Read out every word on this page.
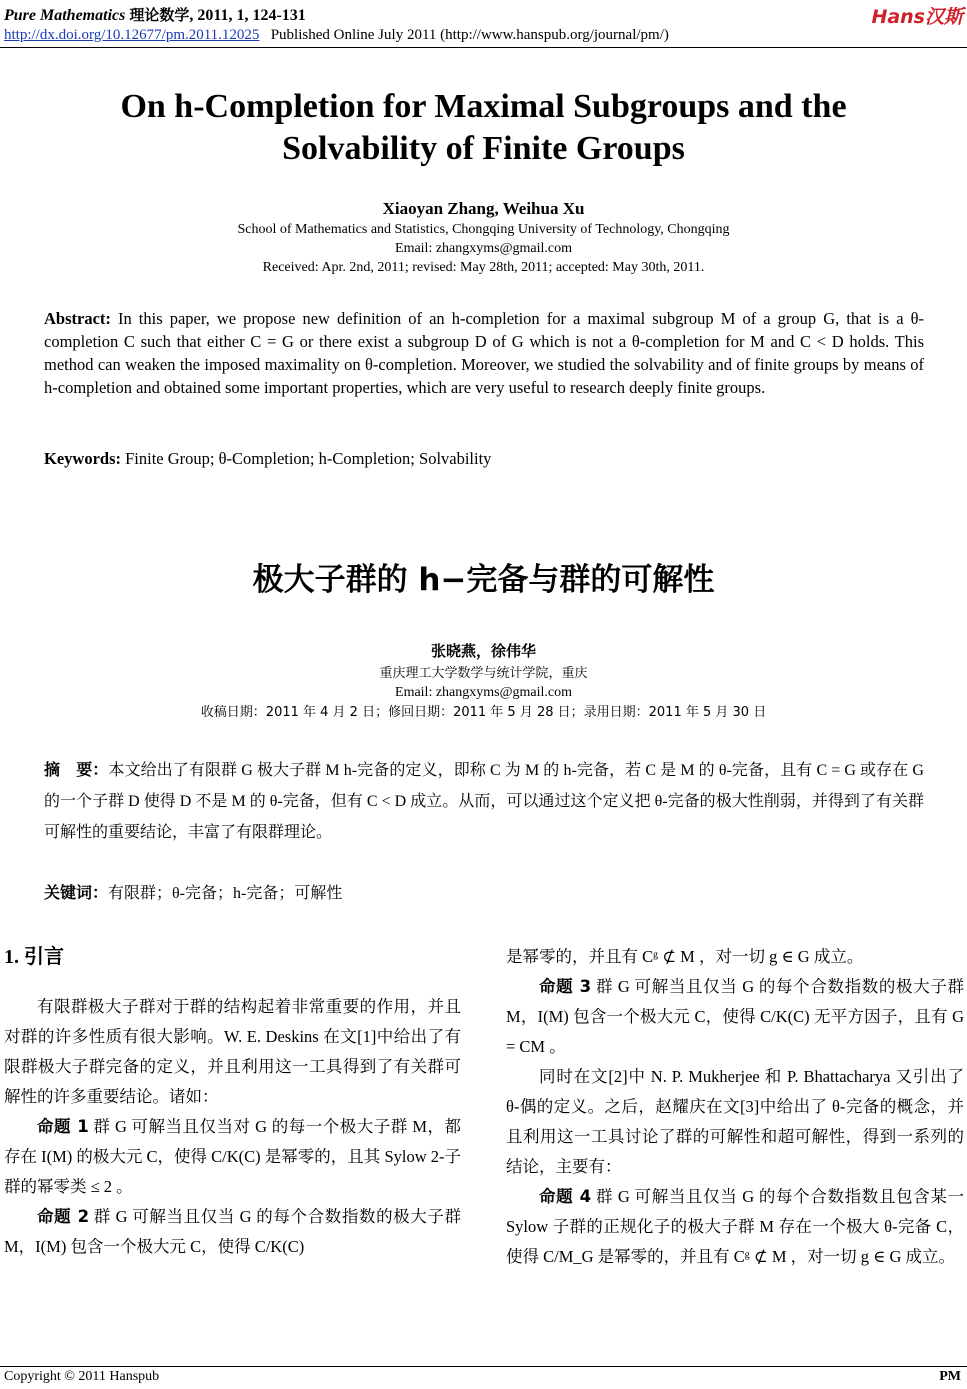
Pure Mathematics 理论数学, 2011, 1, 124-131
http://dx.doi.org/10.12677/pm.2011.12025 Published Online July 2011 (http://www.hanspub.org/journal/pm/)
Hans汉斯
On h-Completion for Maximal Subgroups and the
Solvability of Finite Groups
Xiaoyan Zhang, Weihua Xu
School of Mathematics and Statistics, Chongqing University of Technology, Chongqing
Email: zhangxyms@gmail.com
Received: Apr. 2nd, 2011; revised: May 28th, 2011; accepted: May 30th, 2011.
Abstract: In this paper, we propose new definition of an h-completion for a maximal subgroup M of a group G, that is a θ-completion C such that either C = G or there exist a subgroup D of G which is not a θ-completion for M and C < D holds. This method can weaken the imposed maximality on θ-completion. Moreover, we studied the solvability and of finite groups by means of h-completion and obtained some important properties, which are very useful to research deeply finite groups.
Keywords: Finite Group; θ-Completion; h-Completion; Solvability
极大子群的 h−完备与群的可解性
张晓燕，徐伟华
重庆理工大学数学与统计学院，重庆
Email: zhangxyms@gmail.com
收稿日期：2011 年 4 月 2 日；修回日期：2011 年 5 月 28 日；录用日期：2011 年 5 月 30 日
摘　要：本文给出了有限群 G 极大子群 M h-完备的定义，即称 C 为 M 的 h-完备，若 C 是 M 的 θ-完备，且有 C = G 或存在 G 的一个子群 D 使得 D 不是 M 的 θ-完备，但有 C < D 成立。从而，可以通过这个定义把 θ-完备的极大性削弱，并得到了有关群可解性的重要结论，丰富了有限群理论。
关键词：有限群；θ-完备；h-完备；可解性
1. 引言

有限群极大子群对于群的结构起着非常重要的作用，并且对群的许多性质有很大影响。W. E. Deskins 在文[1]中给出了有限群极大子群完备的定义，并且利用这一工具得到了有关群可解性的许多重要结论。诸如：

命题 1 群 G 可解当且仅当对 G 的每一个极大子群 M，都存在 I(M) 的极大元 C，使得 C/K(C) 是幂零的，且其 Sylow 2-子群的幂零类 ≤ 2 。

命题 2 群 G 可解当且仅当 G 的每个合数指数的极大子群 M，I(M) 包含一个极大元 C，使得 C/K(C)

是幂零的，并且有 Cᵍ ⊄ M ，对一切 g ∈ G 成立。

命题 3 群 G 可解当且仅当 G 的每个合数指数的极大子群 M，I(M) 包含一个极大元 C，使得 C/K(C) 无平方因子，且有 G = CM 。

同时在文[2]中 N. P. Mukherjee 和 P. Bhattacharya 又引出了 θ-偶的定义。之后，赵耀庆在文[3]中给出了 θ-完备的概念，并且利用这一工具讨论了群的可解性和超可解性，得到一系列的结论，主要有：

命题 4 群 G 可解当且仅当 G 的每个合数指数且包含某一 Sylow 子群的正规化子的极大子群 M 存在一个极大 θ-完备 C，使得 C/M_G 是幂零的，并且有 Cᵍ ⊄ M ，对一切 g ∈ G 成立。

Copyright © 2011 Hanspub	PM
